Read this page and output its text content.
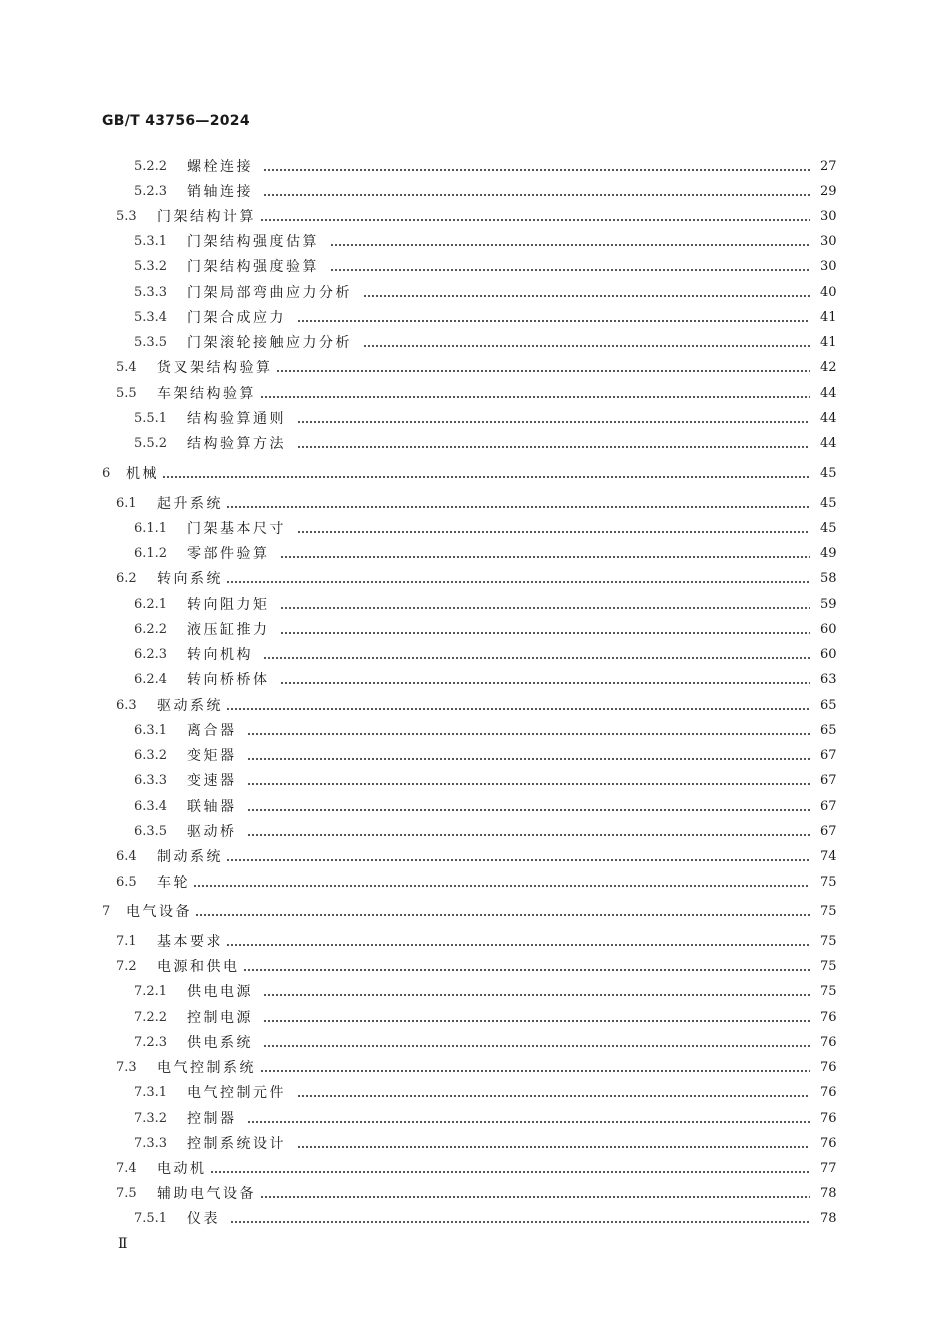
GB/T 43756—2024
5.2.2 螺栓连接	27
5.2.3 销轴连接	29
5.3 门架结构计算	30
5.3.1 门架结构强度估算	30
5.3.2 门架结构强度验算	30
5.3.3 门架局部弯曲应力分析	40
5.3.4 门架合成应力	41
5.3.5 门架滚轮接触应力分析	41
5.4 货叉架结构验算	42
5.5 车架结构验算	44
5.5.1 结构验算通则	44
5.5.2 结构验算方法	44
6 机械	45
6.1 起升系统	45
6.1.1 门架基本尺寸	45
6.1.2 零部件验算	49
6.2 转向系统	58
6.2.1 转向阻力矩	59
6.2.2 液压缸推力	60
6.2.3 转向机构	60
6.2.4 转向桥桥体	63
6.3 驱动系统	65
6.3.1 离合器	65
6.3.2 变矩器	67
6.3.3 变速器	67
6.3.4 联轴器	67
6.3.5 驱动桥	67
6.4 制动系统	74
6.5 车轮	75
7 电气设备	75
7.1 基本要求	75
7.2 电源和供电	75
7.2.1 供电电源	75
7.2.2 控制电源	76
7.2.3 供电系统	76
7.3 电气控制系统	76
7.3.1 电气控制元件	76
7.3.2 控制器	76
7.3.3 控制系统设计	76
7.4 电动机	77
7.5 辅助电气设备	78
7.5.1 仪表	78
Ⅱ
